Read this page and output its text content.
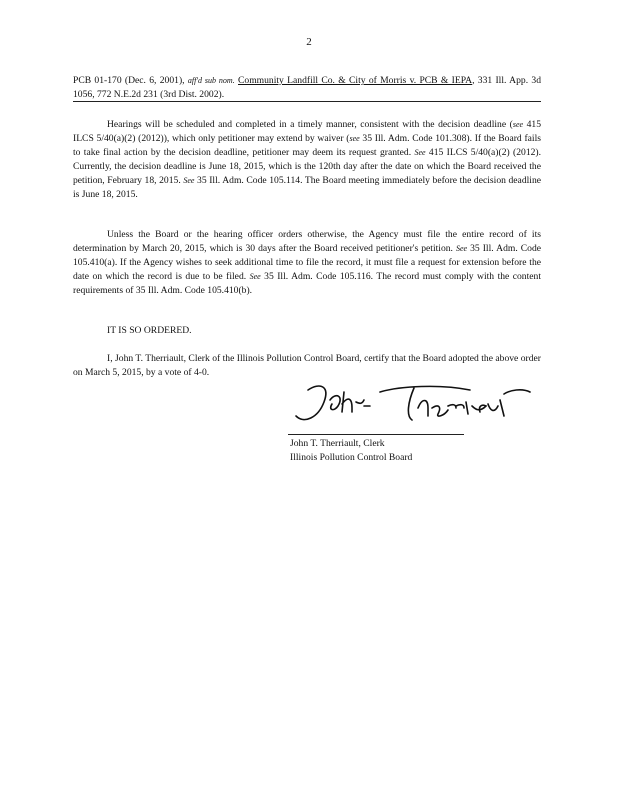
2

PCB 01-170 (Dec. 6, 2001), aff'd sub nom. Community Landfill Co. & City of Morris v. PCB & IEPA, 331 Ill. App. 3d 1056, 772 N.E.2d 231 (3rd Dist. 2002).

Hearings will be scheduled and completed in a timely manner, consistent with the decision deadline (see 415 ILCS 5/40(a)(2) (2012)), which only petitioner may extend by waiver (see 35 Ill. Adm. Code 101.308). If the Board fails to take final action by the decision deadline, petitioner may deem its request granted. See 415 ILCS 5/40(a)(2) (2012). Currently, the decision deadline is June 18, 2015, which is the 120th day after the date on which the Board received the petition, February 18, 2015. See 35 Ill. Adm. Code 105.114. The Board meeting immediately before the decision deadline is June 18, 2015.

Unless the Board or the hearing officer orders otherwise, the Agency must file the entire record of its determination by March 20, 2015, which is 30 days after the Board received petitioner's petition. See 35 Ill. Adm. Code 105.410(a). If the Agency wishes to seek additional time to file the record, it must file a request for extension before the date on which the record is due to be filed. See 35 Ill. Adm. Code 105.116. The record must comply with the content requirements of 35 Ill. Adm. Code 105.410(b).

IT IS SO ORDERED.

I, John T. Therriault, Clerk of the Illinois Pollution Control Board, certify that the Board adopted the above order on March 5, 2015, by a vote of 4-0.

John T. Therriault, Clerk
Illinois Pollution Control Board
